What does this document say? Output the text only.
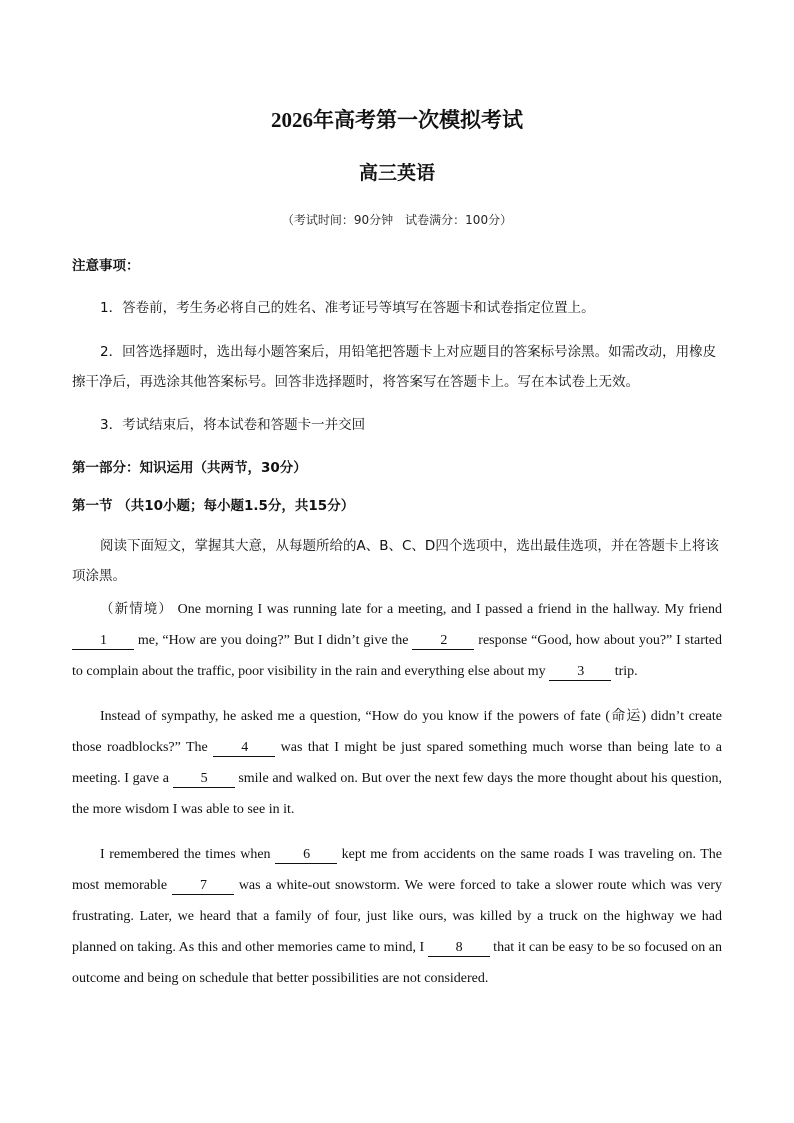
2026年高考第一次模拟考试
高三英语
（考试时间：90分钟　试卷满分：100分）
注意事项：
1．答卷前，考生务必将自己的姓名、准考证号等填写在答题卡和试卷指定位置上。
2．回答选择题时，选出每小题答案后，用铅笔把答题卡上对应题目的答案标号涂黑。如需改动，用橡皮擦干净后，再选涂其他答案标号。回答非选择题时，将答案写在答题卡上。写在本试卷上无效。
3．考试结束后，将本试卷和答题卡一并交回
第一部分：知识运用（共两节，30分）
第一节 （共10小题；每小题1.5分，共15分）
阅读下面短文，掌握其大意，从每题所给的A、B、C、D四个选项中，选出最佳选项，并在答题卡上将该项涂黑。
（新情境） One morning I was running late for a meeting, and I passed a friend in the hallway. My friend 1 me, “How are you doing?” But I didn’t give the 2 response “Good, how about you?” I started to complain about the traffic, poor visibility in the rain and everything else about my 3 trip.
Instead of sympathy, he asked me a question, “How do you know if the powers of fate (命运) didn’t create those roadblocks?” The 4 was that I might be just spared something much worse than being late to a meeting. I gave a 5 smile and walked on. But over the next few days the more thought about his question, the more wisdom I was able to see in it.
I remembered the times when 6 kept me from accidents on the same roads I was traveling on. The most memorable 7 was a white-out snowstorm. We were forced to take a slower route which was very frustrating. Later, we heard that a family of four, just like ours, was killed by a truck on the highway we had planned on taking. As this and other memories came to mind, I 8 that it can be easy to be so focused on an outcome and being on schedule that better possibilities are not considered.
